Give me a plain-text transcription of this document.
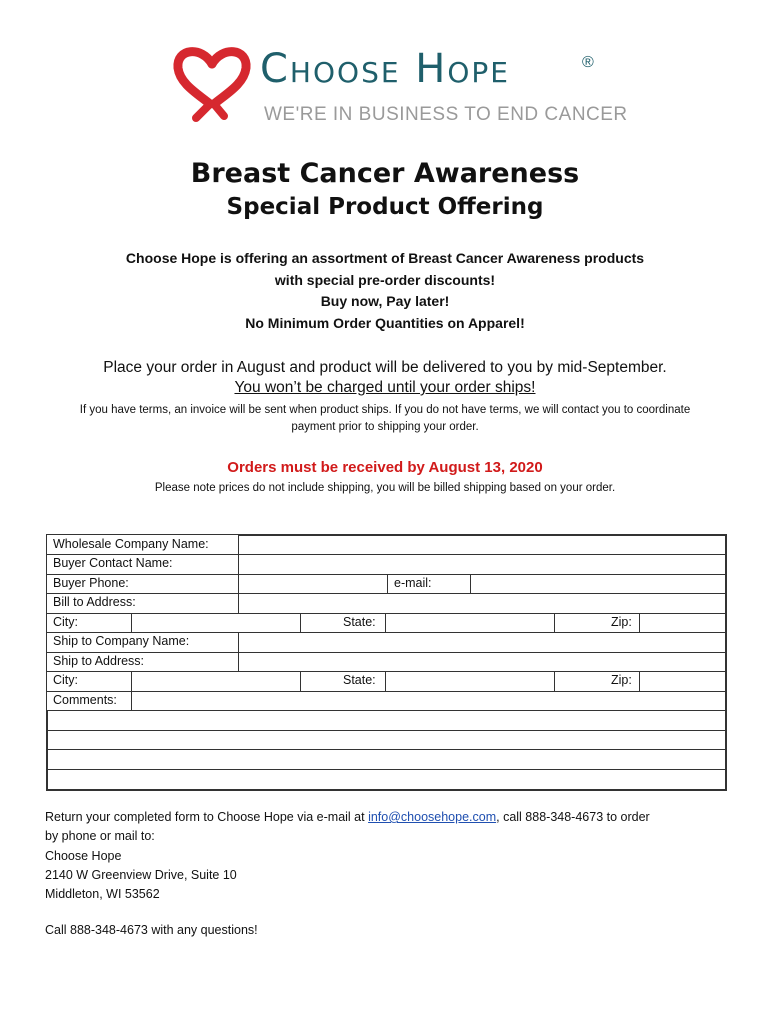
Choose Hope	®
WE'RE IN BUSINESS TO END CANCER
Breast Cancer Awareness
Special Product Offering
Choose Hope is offering an assortment of Breast Cancer Awareness products
with special pre-order discounts!
Buy now, Pay later!
No Minimum Order Quantities on Apparel!
Place your order in August and product will be delivered to you by mid-September.
You won’t be charged until your order ships!
If you have terms, an invoice will be sent when product ships. If you do not have terms, we will contact you to coordinate payment prior to shipping your order.
Orders must be received by August 13, 2020
Please note prices do not include shipping, you will be billed shipping based on your order.
Wholesale Company Name:
Buyer Contact Name:
Buyer Phone:	e-mail:
Bill to Address:
City:	State:	Zip:
Ship to Company Name:
Ship to Address:
City:	State:	Zip:
Comments:
Return your completed form to Choose Hope via e-mail at info@choosehope.com, call 888-348-4673 to order
by phone or mail to:
Choose Hope
2140 W Greenview Drive, Suite 10
Middleton, WI 53562
Call 888-348-4673 with any questions!
